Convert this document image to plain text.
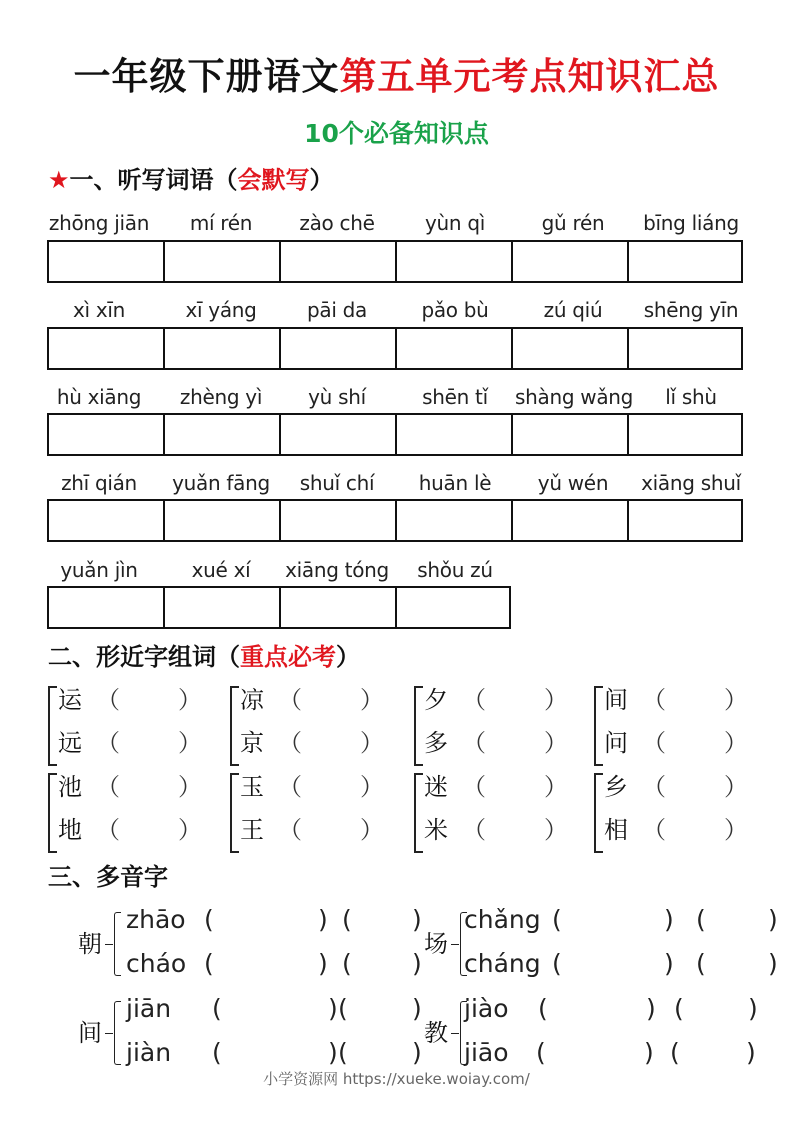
一年级下册语文第五单元考点知识汇总
10个必备知识点
★一、听写词语（会默写）
zhōng jiān	mí rén	zào chē	yùn qì	gǔ rén	bīng liáng
xì xīn	xī yáng	pāi da	pǎo bù	zú qiú	shēng yīn
hù xiāng	zhèng yì	yù shí	shēn tǐ	shàng wǎng	lǐ shù
zhī qián	yuǎn fāng	shuǐ chí	huān lè	yǔ wén	xiāng shuǐ
yuǎn jìn	xué xí	xiāng tóng	shǒu zú
二、形近字组词（重点必考）
运 （ ）
远 （ ）
凉 （ ）
京 （ ）
夕 （ ）
多 （ ）
间 （ ）
问 （ ）
池 （ ）
地 （ ）
玉 （ ）
王 （ ）
迷 （ ）
米 （ ）
乡 （ ）
相 （ ）
三、多音字
朝
zhāo (	) ( )
cháo (	) ( )
场
chǎng (	) ( )
cháng (	) ( )
间
jiān (	) (	)
jiàn (	) (	)
教
jiào (	) (	)
jiāo (	) (	)
小学资源网 https://xueke.woiay.com/
